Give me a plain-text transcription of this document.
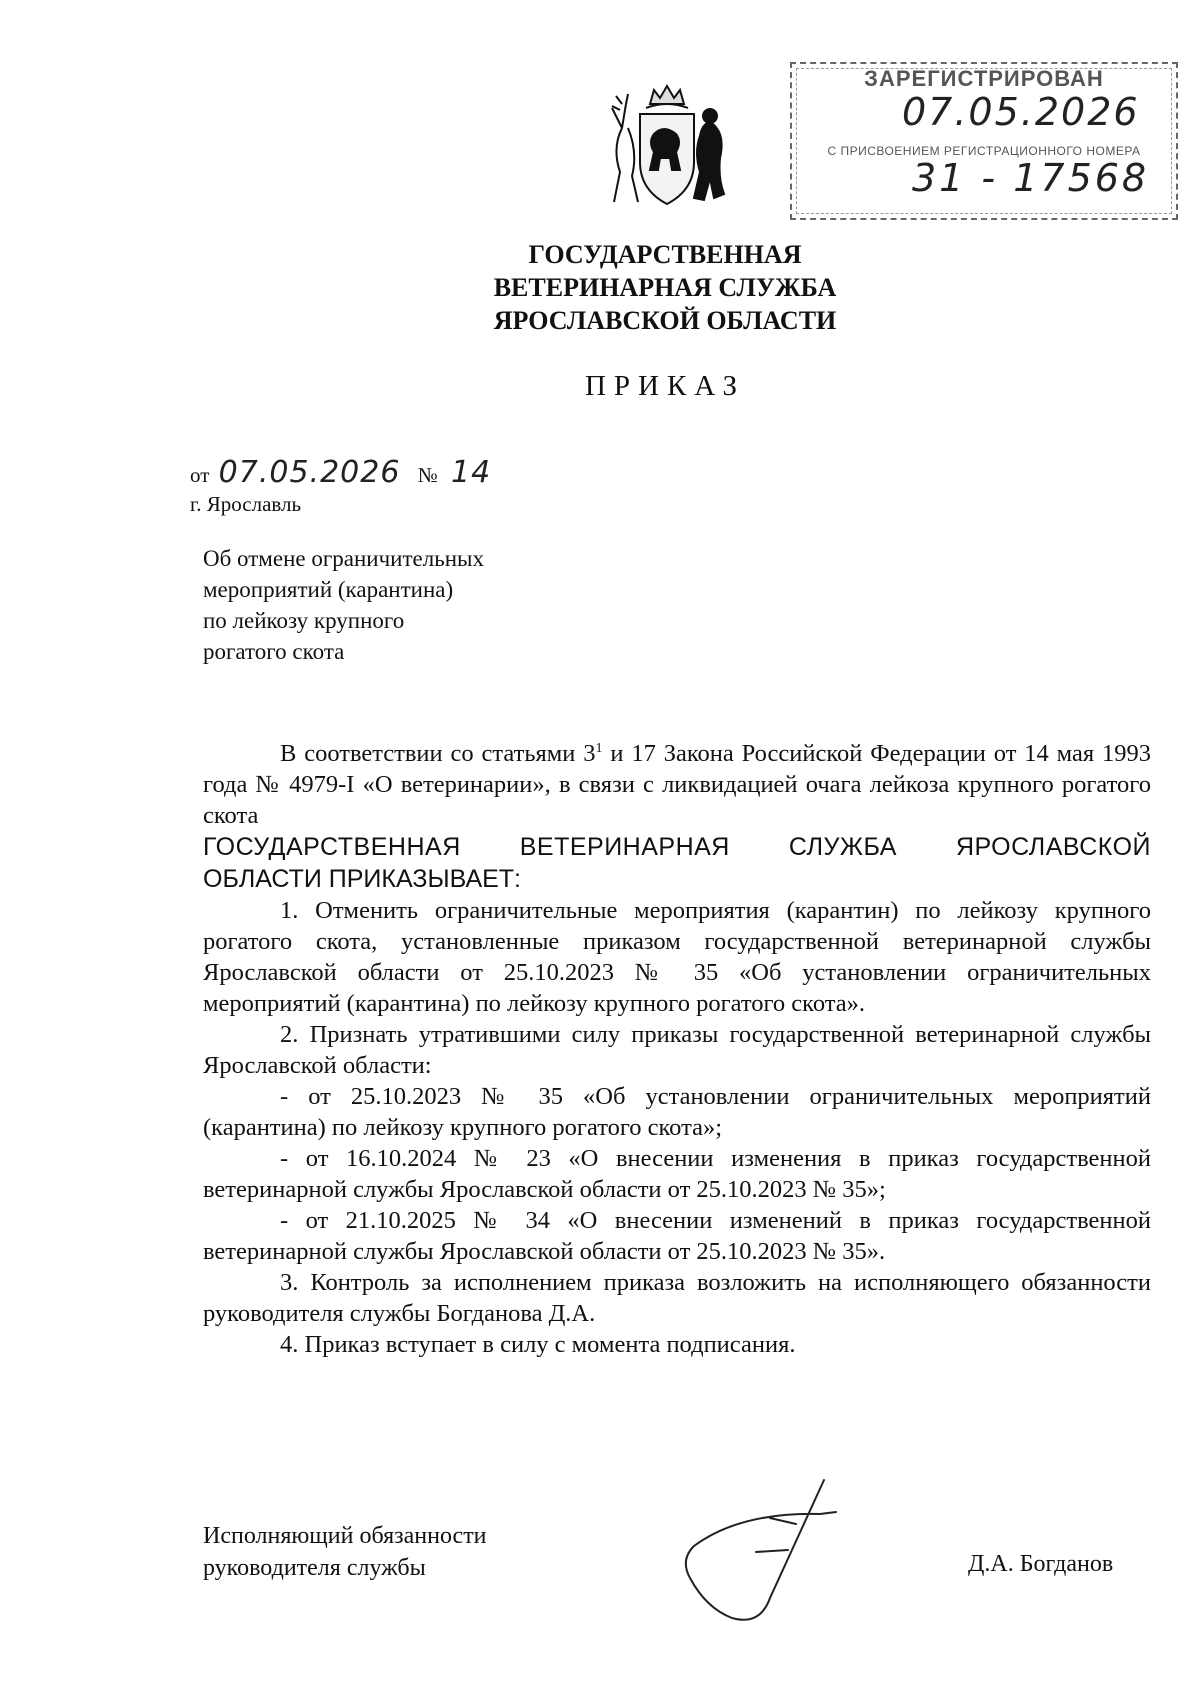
ЗАРЕГИСТРИРОВАН
07.05.2026
С ПРИСВОЕНИЕМ РЕГИСТРАЦИОННОГО НОМЕРА
31 - 17568
ГОСУДАРСТВЕННАЯ
ВЕТЕРИНАРНАЯ СЛУЖБА
ЯРОСЛАВСКОЙ ОБЛАСТИ
ПРИКАЗ
от 07.05.2026 № 14
г. Ярославль
Об отмене ограничительных
мероприятий (карантина)
по лейкозу крупного
рогатого скота

В соответствии со статьями $3^1$ и 17 Закона Российской Федерации от 14 мая 1993 года № 4979-I «О ветеринарии», в связи с ликвидацией очага лейкоза крупного рогатого скота

ГОСУДАРСТВЕННАЯ ВЕТЕРИНАРНАЯ СЛУЖБА ЯРОСЛАВСКОЙ
ОБЛАСТИ ПРИКАЗЫВАЕТ:

1. Отменить ограничительные мероприятия (карантин) по лейкозу крупного рогатого скота, установленные приказом государственной ветеринарной службы Ярославской области от 25.10.2023 № 35 «Об установлении ограничительных мероприятий (карантина) по лейкозу крупного рогатого скота».

2. Признать утратившими силу приказы государственной ветеринарной службы Ярославской области:

- от 25.10.2023 № 35 «Об установлении ограничительных мероприятий (карантина) по лейкозу крупного рогатого скота»;

- от 16.10.2024 № 23 «О внесении изменения в приказ государственной ветеринарной службы Ярославской области от 25.10.2023 № 35»;

- от 21.10.2025 № 34 «О внесении изменений в приказ государственной ветеринарной службы Ярославской области от 25.10.2023 № 35».

3. Контроль за исполнением приказа возложить на исполняющего обязанности руководителя службы Богданова Д.А.

4. Приказ вступает в силу с момента подписания.

Исполняющий обязанности
руководителя службы	Д.А. Богданов
